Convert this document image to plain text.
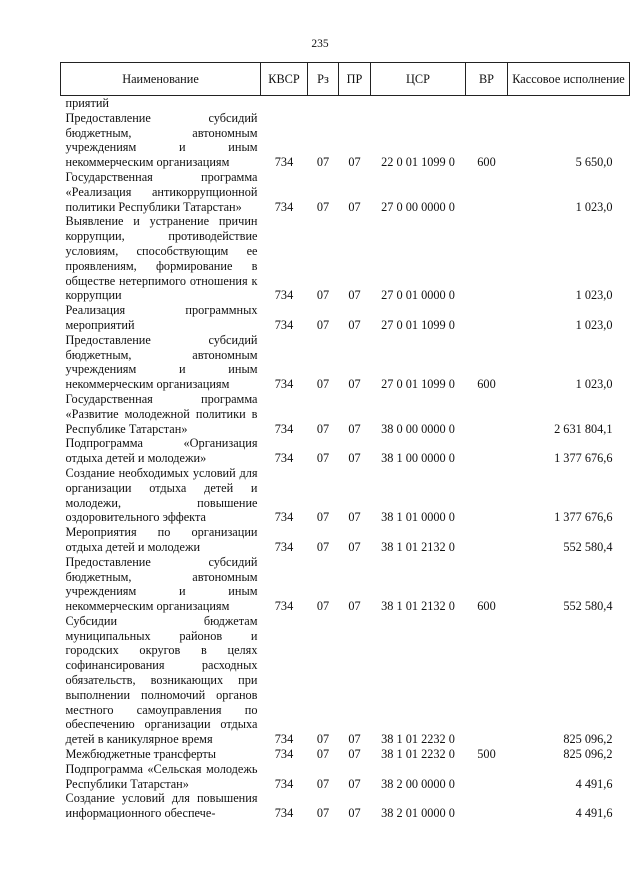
235
Наименование	КВСР	Рз	ПР	ЦСР	ВР	Кассовое исполнение
приятий						
Предоставление субсидий бюджетным, автономным учреждениям и иным некоммерческим организациям	734	07	07	22 0 01 1099 0	600	5 650,0
Государственная программа «Реализация антикоррупционной политики Республики Татарстан»	734	07	07	27 0 00 0000 0		1 023,0
Выявление и устранение причин коррупции, противодействие условиям, способствующим ее проявлениям, формирование в обществе нетерпимого отношения к коррупции	734	07	07	27 0 01 0000 0		1 023,0
Реализация программных мероприятий	734	07	07	27 0 01 1099 0		1 023,0
Предоставление субсидий бюджетным, автономным учреждениям и иным некоммерческим организациям	734	07	07	27 0 01 1099 0	600	1 023,0
Государственная программа «Развитие молодежной политики в Республике Татарстан»	734	07	07	38 0 00 0000 0		2 631 804,1
Подпрограмма «Организация отдыха детей и молодежи»	734	07	07	38 1 00 0000 0		1 377 676,6
Создание необходимых условий для организации отдыха детей и молодежи, повышение оздоровительного эффекта	734	07	07	38 1 01 0000 0		1 377 676,6
Мероприятия по организации отдыха детей и молодежи	734	07	07	38 1 01 2132 0		552 580,4
Предоставление субсидий бюджетным, автономным учреждениям и иным некоммерческим организациям	734	07	07	38 1 01 2132 0	600	552 580,4
Субсидии бюджетам муниципальных районов и городских округов в целях софинансирования расходных обязательств, возникающих при выполнении полномочий органов местного самоуправления по обеспечению организации отдыха детей в каникулярное время	734	07	07	38 1 01 2232 0		825 096,2
Межбюджетные трансферты	734	07	07	38 1 01 2232 0	500	825 096,2
Подпрограмма «Сельская молодежь Республики Татарстан»	734	07	07	38 2 00 0000 0		4 491,6
Создание условий для повышения информационного обеспече-	734	07	07	38 2 01 0000 0		4 491,6
